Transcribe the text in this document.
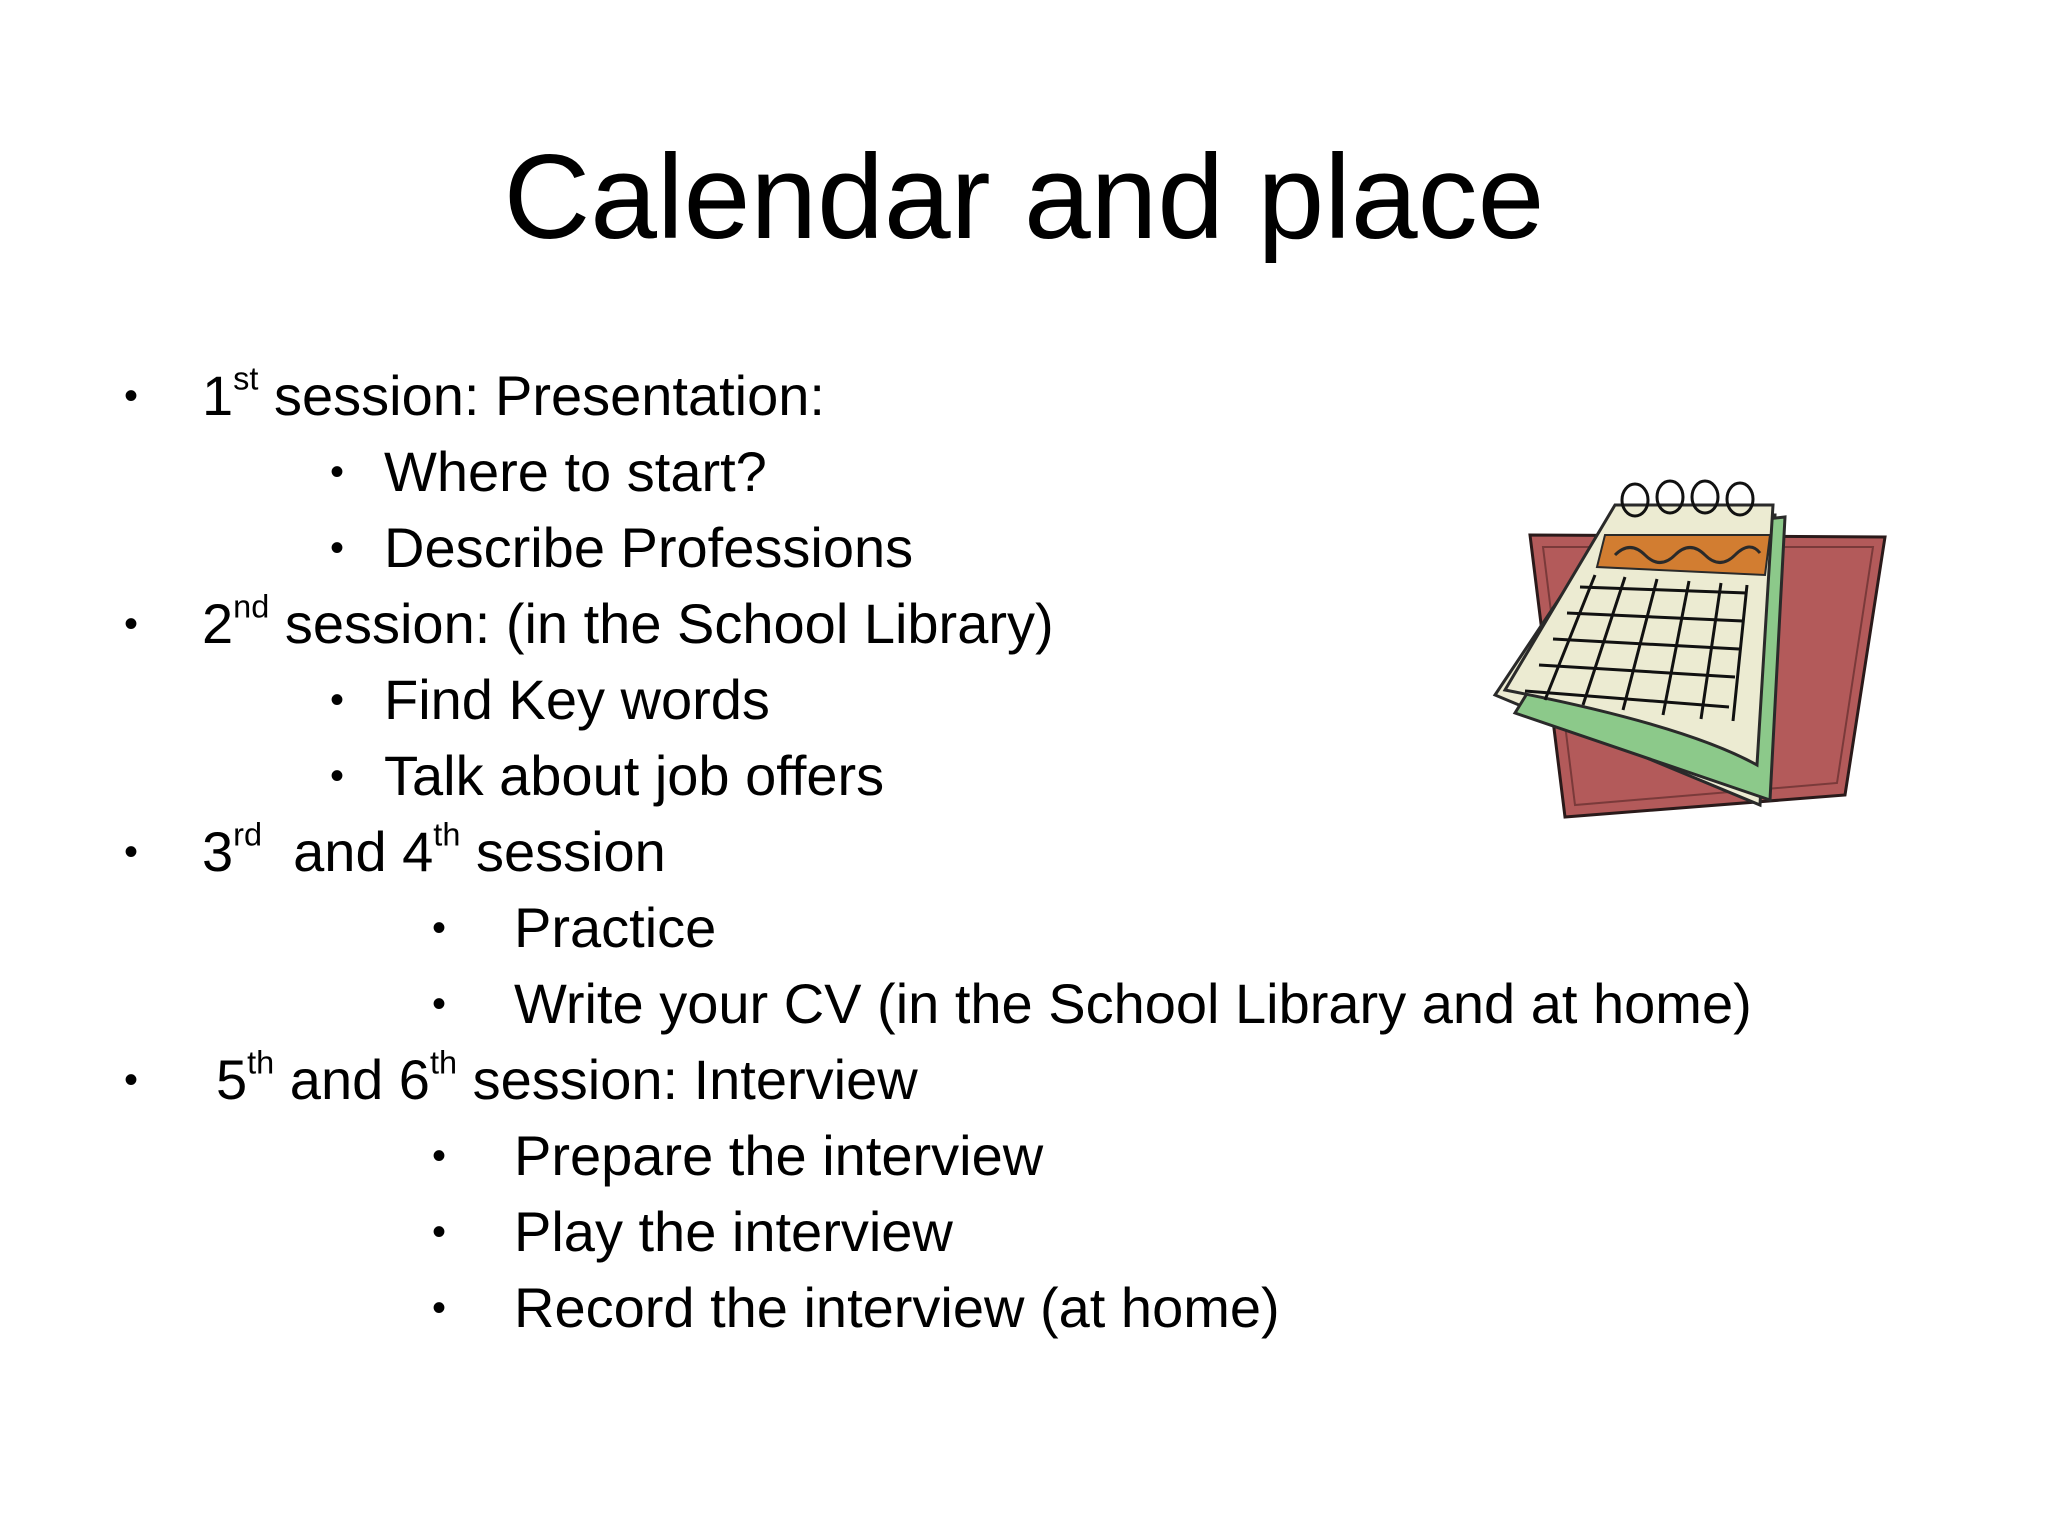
Calendar and place
• 1st session: Presentation:
• Where to start?
• Describe Professions
• 2nd session: (in the School Library)
• Find Key words
• Talk about job offers
• 3rd  and 4th session
• Practice
• Write your CV (in the School Library and at home)
• 5th and 6th session: Interview
• Prepare the interview
• Play the interview
• Record the interview (at home)
